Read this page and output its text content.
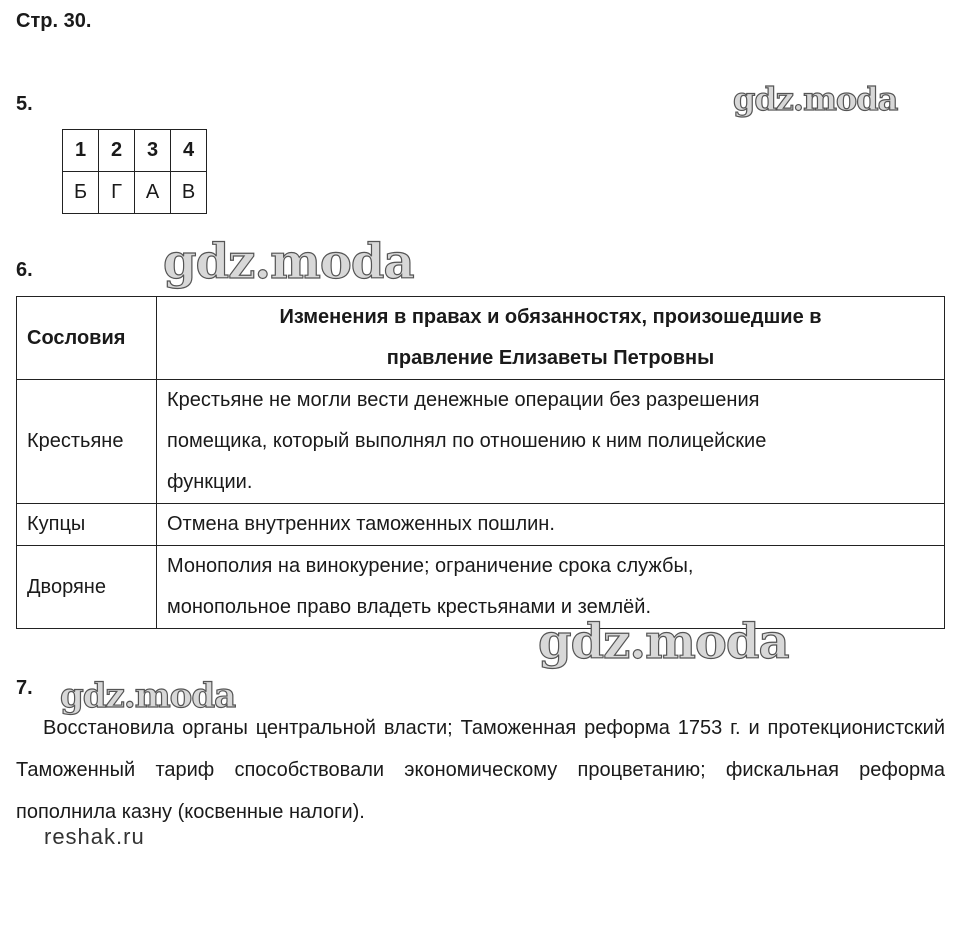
Стр. 30.
gdz.moda
5.
1	2	3	4
Б	Г	А	В
6.	gdz.moda
Сословия	Изменения в правах и обязанностях, произошедшие в
правление Елизаветы Петровны

Крестьяне	Крестьяне не могли вести денежные операции без разрешения
помещика, который выполнял по отношению к ним полицейские
функции.

Купцы	Отмена внутренних таможенных пошлин.

Дворяне	Монополия на винокурение; ограничение срока службы,
монопольное право владеть крестьянами и землёй.
gdz.moda
7. gdz.moda

Восстановила органы центральной власти; Таможенная реформа 1753 г. и протекционистский Таможенный тариф способствовали экономическому процветанию; фискальная реформа пополнила казну (косвенные налоги).

reshak.ru
